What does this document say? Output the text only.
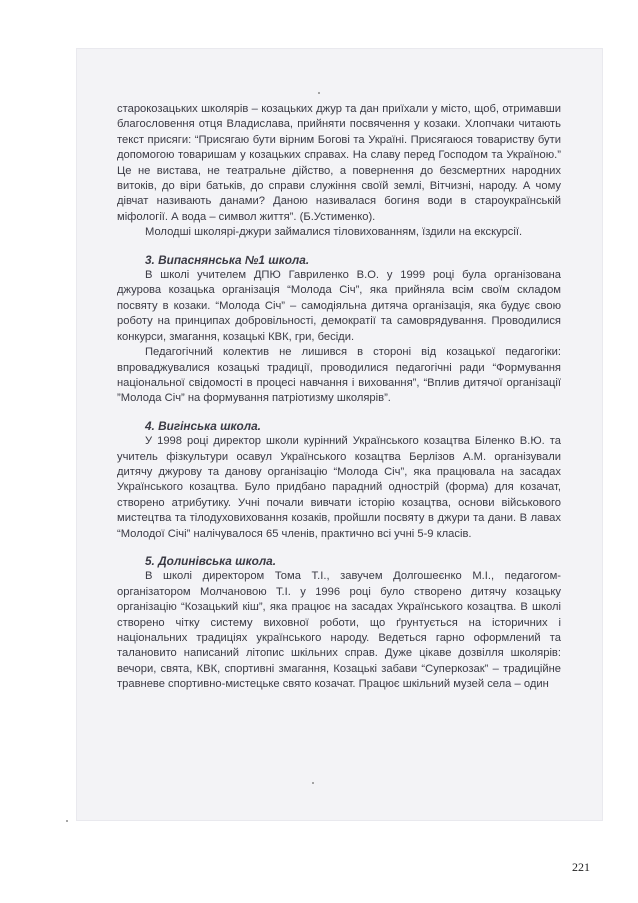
старокозацьких школярів – козацьких джур та дан приїхали у місто, щоб, отримавши благословення отця Владислава, прийняти посвячення у козаки. Хлопчаки читають текст присяги: “Присягаю бути вірним Богові та Україні. Присягаюся товариству бути допомогою товаришам у козацьких справах. На славу перед Господом та Україною.” Це не вистава, не театральне дійство, а повернення до безсмертних народних витоків, до віри батьків, до справи служіння своїй землі, Вітчизні, народу. А чому дівчат називають данами? Даною називалася богиня води в староукраїнській міфології. А вода – символ життя”. (Б.Устименко).

Молодші школярі-джури займалися тіловихованням, їздили на екскурсії.

3. Випаснянська №1 школа.

В школі учителем ДПЮ Гавриленко В.О. у 1999 році була організована джурова козацька організація “Молода Січ”, яка прийняла всім своїм складом посвяту в козаки. “Молода Січ” – самодіяльна дитяча організація, яка будує свою роботу на принципах добровільності, демократії та самоврядування. Проводилися конкурси, змагання, козацькі КВК, гри, бесіди.

Педагогічний колектив не лишився в стороні від козацької педагогіки: впроваджувалися козацькі традиції, проводилися педагогічні ради “Формування національної свідомості в процесі навчання і виховання”, “Вплив дитячої організації ”Молода Січ” на формування патріотизму школярів”.

4. Вигінська школа.

У 1998 році директор школи курінний Українського козацтва Біленко В.Ю. та учитель фізкультури осавул Українського козацтва Берлізов А.М. організували дитячу джурову та данову організацію “Молода Січ”, яка працювала на засадах Українського козацтва. Було придбано парадний однострій (форма) для козачат, створено атрибутику. Учні почали вивчати історію козацтва, основи військового мистецтва та тілодуховиховання козаків, пройшли посвяту в джури та дани. В лавах “Молодої Січі” налічувалося 65 членів, практично всі учні 5-9 класів.

5. Долинівська школа.

В школі директором Тома Т.І., завучем Долгошеєнко М.І., педагогом-організатором Молчановою Т.І. у 1996 році було створено дитячу козацьку організацію “Козацький кіш”, яка працює на засадах Українського козацтва. В школі створено чітку систему виховної роботи, що ґрунтується на історичних і національних традиціях українського народу. Ведеться гарно оформлений та талановито написаний літопис шкільних справ. Дуже цікаве дозвілля школярів: вечори, свята, КВК, спортивні змагання, Козацькі забави “Суперкозак” – традиційне травневе спортивно-мистецьке свято козачат. Працює шкільний музей села – один

221
